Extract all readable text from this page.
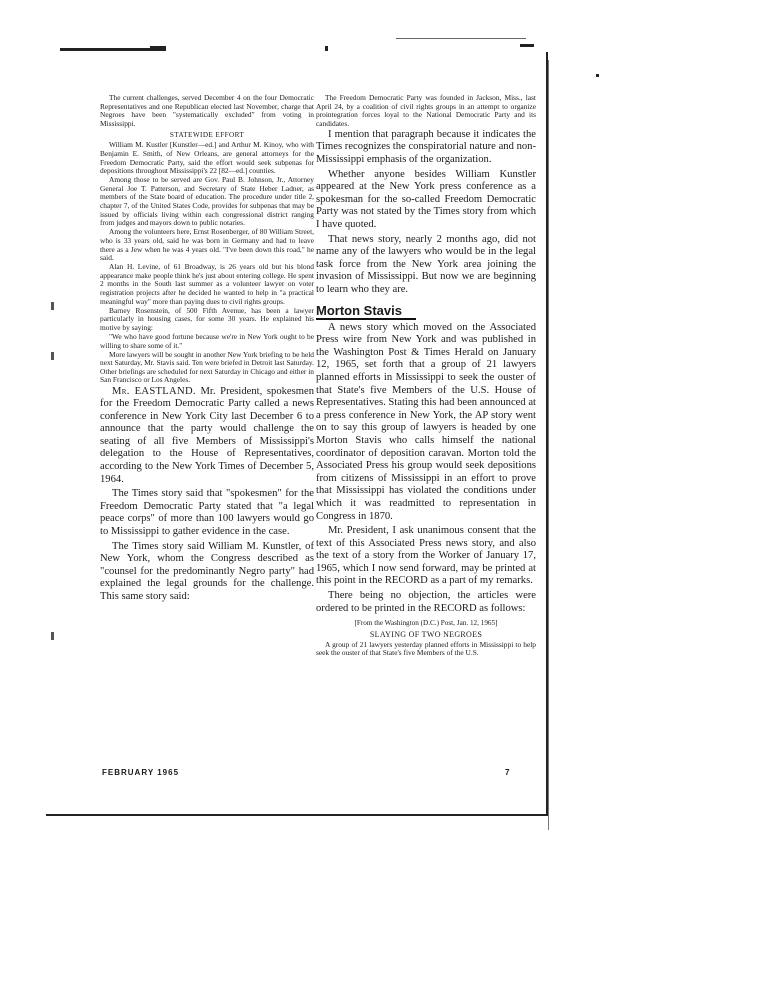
The current challenges, served December 4 on the four Democratic Representatives and one Republican elected last November, charge that Negroes have been "systematically excluded" from voting in Mississippi.

STATEWIDE EFFORT

William M. Kustler [Kunstler—ed.] and Arthur M. Kinoy, who with Benjamin E. Smith, of New Orleans, are general attorneys for the Freedom Democratic Party, said the effort would seek subpenas for depositions throughout Mississippi's 22 [82—ed.] counties.

Among those to be served are Gov. Paul B. Johnson, Jr., Attorney General Joe T. Patterson, and Secretary of State Heber Ladner, as members of the State board of education. The procedure under title 2, chapter 7, of the United States Code, provides for subpenas that may be issued by officials living within each congressional district ranging from judges and mayors down to public notaries.

Among the volunteers here, Ernst Rosenberger, of 80 William Street, who is 33 years old, said he was born in Germany and had to leave there as a Jew when he was 4 years old. "I've been down this road," he said.

Alan H. Levine, of 61 Broadway, is 26 years old but his blond appearance make people think he's just about entering college. He spent 2 months in the South last summer as a volunteer lawyer on voter registration projects after he decided he wanted to help in "a practical meaningful way" more than paying dues to civil rights groups.

Barney Rosenstein, of 500 Fifth Avenue, has been a lawyer particularly in housing cases, for some 30 years. He explained his motive by saying:

"We who have good fortune because we're in New York ought to be willing to share some of it."

More lawyers will be sought in another New York briefing to be held next Saturday, Mr. Stavis said. Ten were briefed in Detroit last Saturday. Other briefings are scheduled for next Saturday in Chicago and either in San Francisco or Los Angeles.

Mr. EASTLAND. Mr. President, spokesmen for the Freedom Democratic Party called a news conference in New York City last December 6 to announce that the party would challenge the seating of all five Members of Mississippi's delegation to the House of Representatives, according to the New York Times of December 5, 1964.

The Times story said that "spokesmen" for the Freedom Democratic Party stated that "a legal peace corps" of more than 100 lawyers would go to Mississippi to gather evidence in the case.

The Times story said William M. Kunstler, of New York, whom the Congress described as "counsel for the predominantly Negro party" had explained the legal grounds for the challenge. This same story said:

The Freedom Democratic Party was founded in Jackson, Miss., last April 24, by a coalition of civil rights groups in an attempt to organize prointegration forces loyal to the National Democratic Party and its candidates.

I mention that paragraph because it indicates the Times recognizes the conspiratorial nature and non-Mississippi emphasis of the organization.

Whether anyone besides William Kunstler appeared at the New York press conference as a spokesman for the so-called Freedom Democratic Party was not stated by the Times story from which I have quoted.

That news story, nearly 2 months ago, did not name any of the lawyers who would be in the legal task force from the New York area joining the invasion of Mississippi. But now we are beginning to learn who they are.

Morton Stavis

A news story which moved on the Associated Press wire from New York and was published in the Washington Post & Times Herald on January 12, 1965, set forth that a group of 21 lawyers planned efforts in Mississippi to seek the ouster of that State's five Members of the U.S. House of Representatives. Stating this had been announced at a press conference in New York, the AP story went on to say this group of lawyers is headed by one Morton Stavis who calls himself the national coordinator of deposition caravan. Morton told the Associated Press his group would seek depositions from citizens of Mississippi in an effort to prove that Mississippi has violated the conditions under which it was readmitted to representation in Congress in 1870.

Mr. President, I ask unanimous consent that the text of this Associated Press news story, and also the text of a story from the Worker of January 17, 1965, which I now send forward, may be printed at this point in the RECORD as a part of my remarks.

There being no objection, the articles were ordered to be printed in the RECORD as follows:

[From the Washington (D.C.) Post, Jan. 12, 1965]
SLAYING OF TWO NEGROES

A group of 21 lawyers yesterday planned efforts in Mississippi to help seek the ouster of that State's five Members of the U.S.

FEBRUARY 1965	7
